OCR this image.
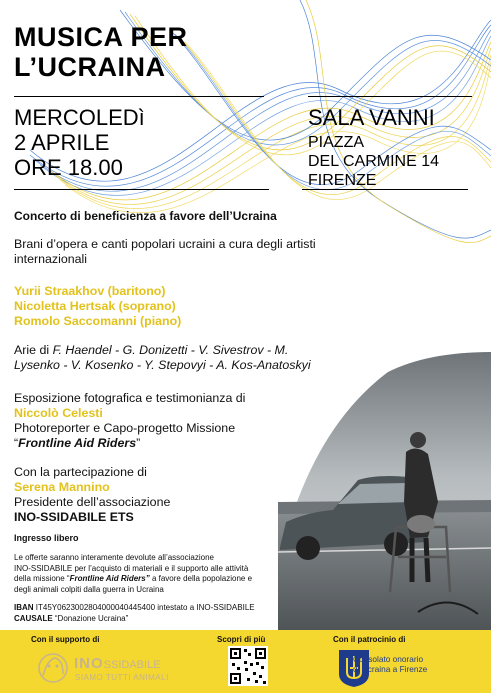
MUSICA PER
L’UCRAINA
MERCOLEDì
2 APRILE
ORE 18.00
SALA VANNI
PIAZZA
DEL CARMINE 14
FIRENZE
Concerto di beneficienza a favore dell’Ucraina
Brani d’opera e canti popolari ucraini a cura degli artisti
internazionali
Yurii Straakhov (baritono)
Nicoletta Hertsak (soprano)
Romolo Saccomanni (piano)
Arie di F. Haendel - G. Donizetti - V. Sivestrov - M.
Lysenko - V. Kosenko - Y. Stepovyi - A. Kos-Anatoskyi
Esposizione fotografica e testimonianza di
Niccolò Celesti
Photoreporter e Capo-progetto Missione
“Frontline Aid Riders”
Con la partecipazione di
Serena Mannino
Presidente dell’associazione
INO-SSIDABILE ETS
Ingresso libero
Le offerte saranno interamente devolute all’associazione
INO-SSIDABILE per l’acquisto di materiali e il supporto alle attività
della missione “Frontline Aid Riders” a favore della popolazione e
degli animali colpiti dalla guerra in Ucraina
IBAN IT45Y0623002804000040445400 intestato a INO-SSIDABILE
CAUSALE “Donazione Ucraina”
Con il supporto di	Scopri di più	Con il patrocinio di
INOSSIDABILE
SIAMO TUTTI ANIMALI
Consolato onorario
di Ucraina a Firenze
